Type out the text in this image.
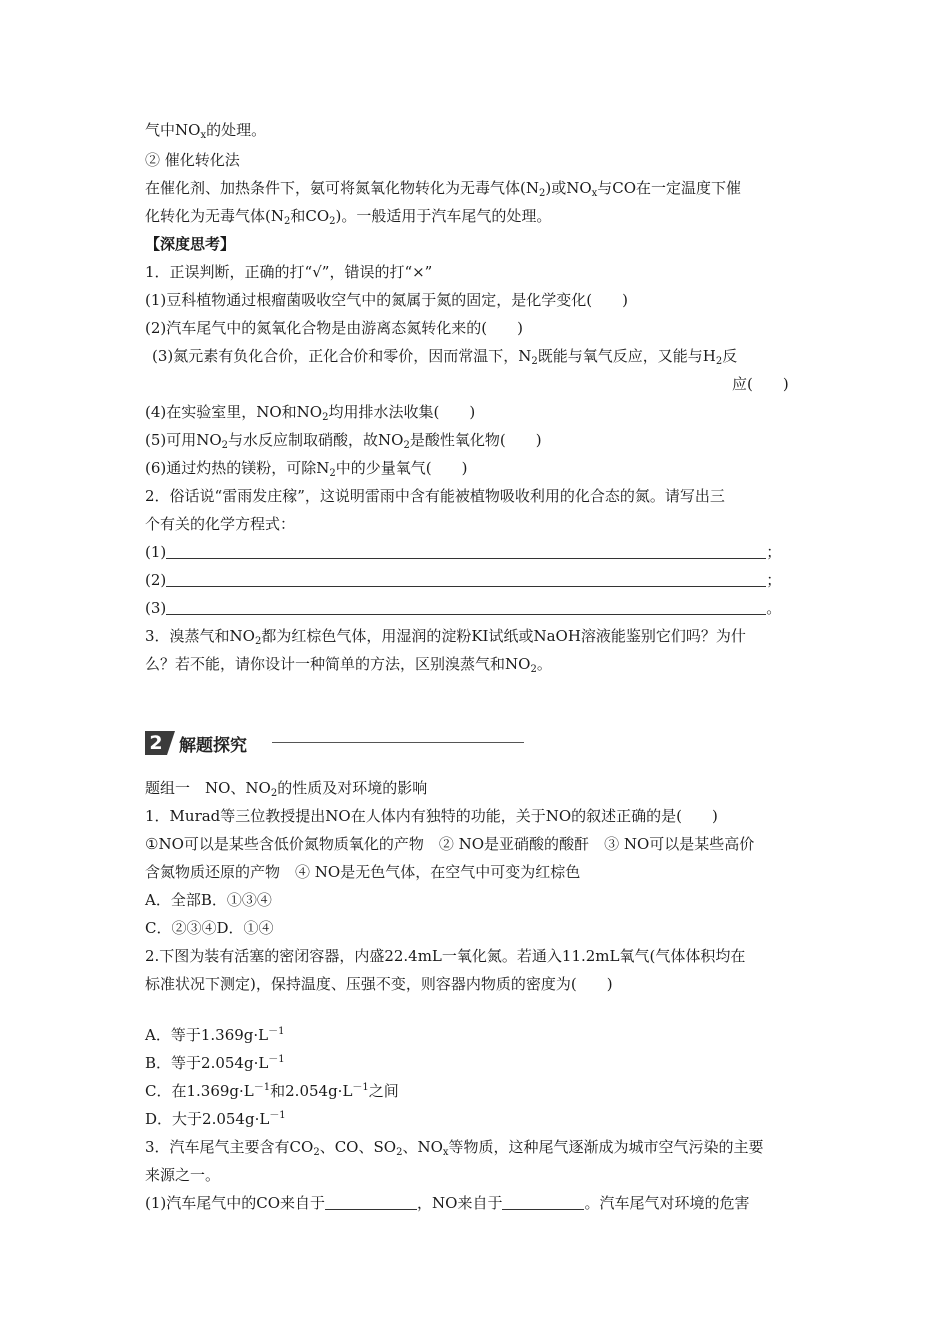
气中$NO_x$的处理。
② 催化转化法
在催化剂、加热条件下，氨可将氮氧化物转化为无毒气体$(N_2)$或$NO_x$与CO在一定温度下催
化转化为无毒气体($N_2$和$CO_2$)。一般适用于汽车尾气的处理。
【深度思考】
1．正误判断，正确的打“√”，错误的打“×”
(1)豆科植物通过根瘤菌吸收空气中的氮属于氮的固定，是化学变化(　　)
(2)汽车尾气中的氮氧化合物是由游离态氮转化来的(　　)
(3)氮元素有负化合价，正化合价和零价，因而常温下，$N_2$既能与氧气反应，又能与$H_2$反
应(　　)
(4)在实验室里，NO和$NO_2$均用排水法收集(　　)
(5)可用$NO_2$与水反应制取硝酸，故$NO_2$是酸性氧化物(　　)
(6)通过灼热的镁粉，可除$N_2$中的少量氧气(　　)
2．俗话说“雷雨发庄稼”，这说明雷雨中含有能被植物吸收利用的化合态的氮。请写出三
个有关的化学方程式：
(1)	；
(2)	；
(3)	。
3．溴蒸气和$NO_2$都为红棕色气体，用湿润的淀粉KI试纸或NaOH溶液能鉴别它们吗？为什
么？若不能，请你设计一种简单的方法，区别溴蒸气和$NO_2$。
2 解题探究
题组一　NO、$NO_2$的性质及对环境的影响
1．Murad等三位教授提出NO在人体内有独特的功能，关于NO的叙述正确的是(　　)
①NO可以是某些含低价氮物质氧化的产物　② NO是亚硝酸的酸酐　③ NO可以是某些高价
含氮物质还原的产物　④ NO是无色气体，在空气中可变为红棕色
A．全部B．①③④
C．②③④D．①④
2.下图为装有活塞的密闭容器，内盛22.4mL一氧化氮。若通入11.2mL氧气(气体体积均在
标准状况下测定)，保持温度、压强不变，则容器内物质的密度为(　　)
A．等于$1.369g\cdot L^{-1}$
B．等于$2.054g\cdot L^{-1}$
C．在$1.369g\cdot L^{-1}$和$2.054g\cdot L^{-1}$之间
D．大于$2.054g\cdot L^{-1}$
3．汽车尾气主要含有$CO_2$、CO、$SO_2$、$NO_x$等物质，这种尾气逐渐成为城市空气污染的主要
来源之一。
(1)汽车尾气中的CO来自于	，NO来自于	。汽车尾气对环境的危害
